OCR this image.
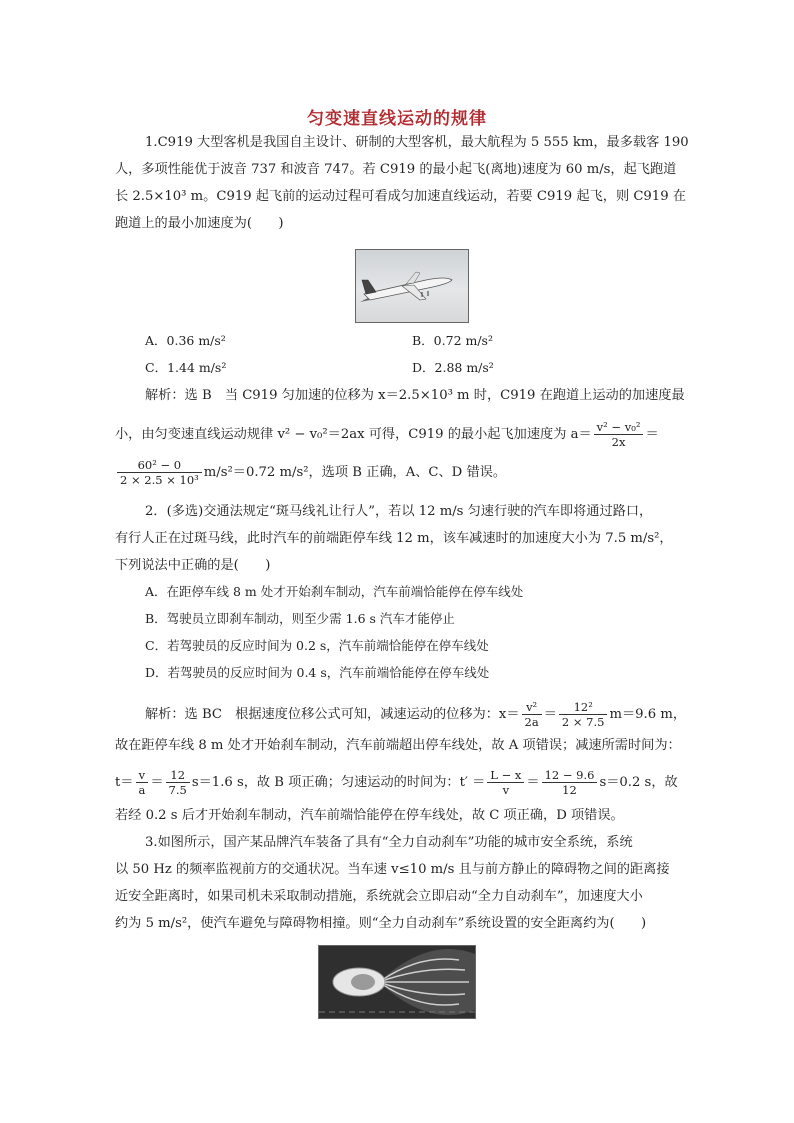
匀变速直线运动的规律
1.C919 大型客机是我国自主设计、研制的大型客机，最大航程为 5 555 km，最多载客 190
人，多项性能优于波音 737 和波音 747。若 C919 的最小起飞(离地)速度为 60 m/s，起飞跑道
长 2.5×10³ m。C919 起飞前的运动过程可看成匀加速直线运动，若要 C919 起飞，则 C919 在
跑道上的最小加速度为(　　)
A．0.36 m/s²	B．0.72 m/s²
C．1.44 m/s²	D．2.88 m/s²
解析：选 B　当 C919 匀加速的位移为 x＝2.5×10³ m 时，C919 在跑道上运动的加速度最
小，由匀变速直线运动规律 v² − v₀²＝2ax 可得，C919 的最小起飞加速度为 $a= \frac{\text{v² − v₀²}}{2x}$ ＝
$\frac{\text{60² − 0}}{\text{2 × 2.5 × 10³}} m/s^2=0.72$ m/s²，选项 B 正确，A、C、D 错误。
2．(多选)交通法规定“斑马线礼让行人”，若以 12 m/s 匀速行驶的汽车即将通过路口，
有行人正在过斑马线，此时汽车的前端距停车线 12 m，该车减速时的加速度大小为 7.5 m/s²，
下列说法中正确的是(　　)
A．在距停车线 8 m 处才开始刹车制动，汽车前端恰能停在停车线处
B．驾驶员立即刹车制动，则至少需 1.6 s 汽车才能停止
C．若驾驶员的反应时间为 0.2 s，汽车前端恰能停在停车线处
D．若驾驶员的反应时间为 0.4 s，汽车前端恰能停在停车线处
解析：选 BC　根据速度位移公式可知，减速运动的位移为：$x= \frac{\text{v²}}{2a} = \frac{\text{12²}}{2 \times 7.5} m=9.6$ m，
故在距停车线 8 m 处才开始刹车制动，汽车前端超出停车线处，故 A 项错误；减速所需时间为：
$t= \frac{v}{a} = \frac{12}{7.5} s=1.6$ s，故 B 项正确；匀速运动的时间为：$t' = \frac{L - x}{v} = \frac{12 - 9.6}{12} s=0.2$ s，故
若经 0.2 s 后才开始刹车制动，汽车前端恰能停在停车线处，故 C 项正确，D 项错误。
3.如图所示，国产某品牌汽车装备了具有“全力自动刹车”功能的城市安全系统，系统
以 50 Hz 的频率监视前方的交通状况。当车速 v≤10 m/s 且与前方静止的障碍物之间的距离接
近安全距离时，如果司机未采取制动措施，系统就会立即启动“全力自动刹车”，加速度大小
约为 5 m/s²，使汽车避免与障碍物相撞。则“全力自动刹车”系统设置的安全距离约为(　　)
